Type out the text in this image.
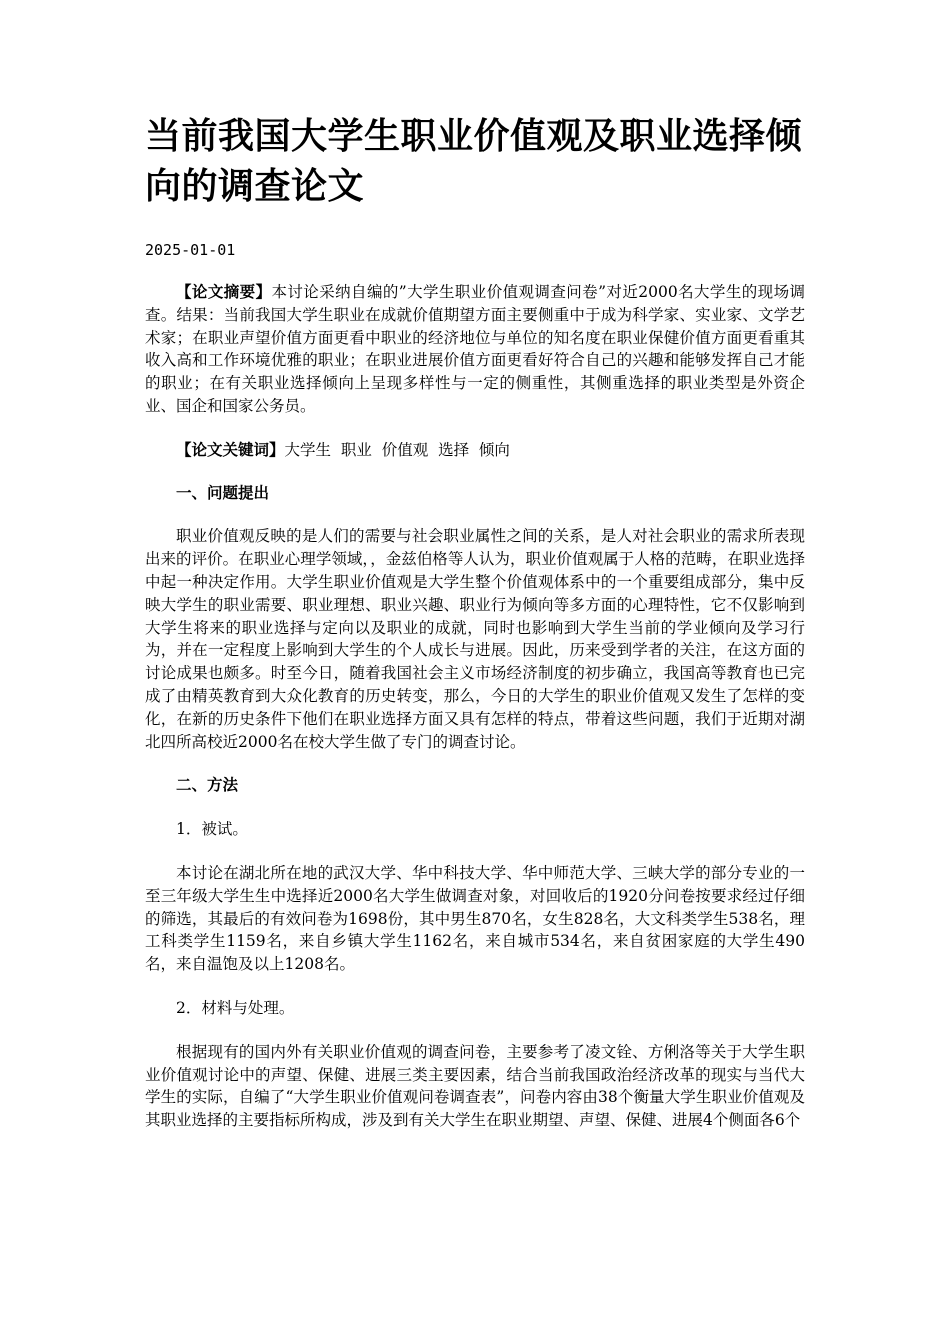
当前我国大学生职业价值观及职业选择倾向的调查论文
2025-01-01

【论文摘要】本讨论采纳自编的”大学生职业价值观调查问卷”对近2000名大学生的现场调查。结果：当前我国大学生职业在成就价值期望方面主要侧重中于成为科学家、实业家、文学艺术家；在职业声望价值方面更看中职业的经济地位与单位的知名度在职业保健价值方面更看重其收入高和工作环境优雅的职业；在职业进展价值方面更看好符合自己的兴趣和能够发挥自己才能的职业；在有关职业选择倾向上呈现多样性与一定的侧重性，其侧重选择的职业类型是外资企业、国企和国家公务员。

【论文关键词】大学生  职业  价值观  选择  倾向

一、问题提出

职业价值观反映的是人们的需要与社会职业属性之间的关系，是人对社会职业的需求所表现出来的评价。在职业心理学领域，，金兹伯格等人认为，职业价值观属于人格的范畴，在职业选择中起一种决定作用。大学生职业价值观是大学生整个价值观体系中的一个重要组成部分，集中反映大学生的职业需要、职业理想、职业兴趣、职业行为倾向等多方面的心理特性，它不仅影响到大学生将来的职业选择与定向以及职业的成就，同时也影响到大学生当前的学业倾向及学习行为，并在一定程度上影响到大学生的个人成长与进展。因此，历来受到学者的关注，在这方面的讨论成果也颇多。时至今日，随着我国社会主义市场经济制度的初步确立，我国高等教育也已完成了由精英教育到大众化教育的历史转变，那么，今日的大学生的职业价值观又发生了怎样的变化，在新的历史条件下他们在职业选择方面又具有怎样的特点，带着这些问题，我们于近期对湖北四所高校近2000名在校大学生做了专门的调查讨论。

二、方法

1．被试。

本讨论在湖北所在地的武汉大学、华中科技大学、华中师范大学、三峡大学的部分专业的一至三年级大学生生中选择近2000名大学生做调查对象，对回收后的1920分问卷按要求经过仔细的筛选，其最后的有效问卷为1698份，其中男生870名，女生828名，大文科类学生538名，理工科类学生1159名，来自乡镇大学生1162名，来自城市534名，来自贫困家庭的大学生490名，来自温饱及以上1208名。

2．材料与处理。

根据现有的国内外有关职业价值观的调查问卷，主要参考了凌文铨、方俐洛等关于大学生职业价值观讨论中的声望、保健、进展三类主要因素，结合当前我国政治经济改革的现实与当代大学生的实际，自编了“大学生职业价值观问卷调查表”，问卷内容由38个衡量大学生职业价值观及其职业选择的主要指标所构成，涉及到有关大学生在职业期望、声望、保健、进展4个侧面各6个
